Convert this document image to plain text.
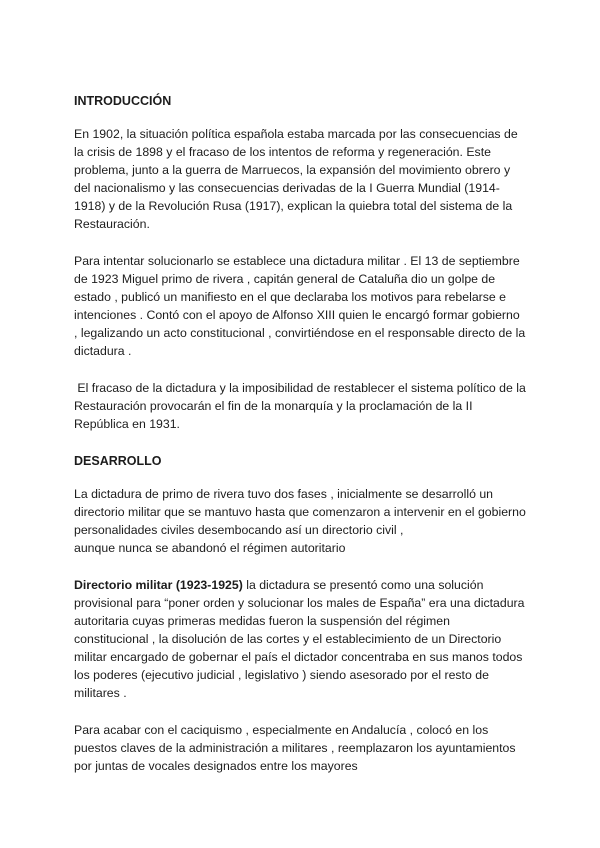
INTRODUCCIÓN

En 1902, la situación política española estaba marcada por las consecuencias de la crisis de 1898 y el fracaso de los intentos de reforma y regeneración. Este problema, junto a la guerra de Marruecos, la expansión del movimiento obrero y del nacionalismo y las consecuencias derivadas de la I Guerra Mundial (1914-1918) y de la Revolución Rusa (1917), explican la quiebra total del sistema de la Restauración.

Para intentar solucionarlo se establece una dictadura militar . El 13 de septiembre de 1923 Miguel primo de rivera , capitán general de Cataluña dio un golpe de estado , publicó un manifiesto en el que declaraba los motivos para rebelarse e intenciones . Contó con el apoyo de Alfonso XIII quien le encargó formar gobierno , legalizando un acto constitucional , convirtiéndose en el responsable directo de la dictadura .

El fracaso de la dictadura y la imposibilidad de restablecer el sistema político de la Restauración provocarán el fin de la monarquía y la proclamación de la II República en 1931.

DESARROLLO

La dictadura de primo de rivera tuvo dos fases , inicialmente se desarrolló un directorio militar que se mantuvo hasta que comenzaron a intervenir en el gobierno personalidades civiles desembocando así un directorio civil ,
aunque nunca se abandonó el régimen autoritario

Directorio militar (1923-1925) la dictadura se presentó como una solución provisional para “poner orden y solucionar los males de España” era una dictadura autoritaria cuyas primeras medidas fueron la suspensión del régimen constitucional , la disolución de las cortes y el establecimiento de un Directorio militar encargado de gobernar el país el dictador concentraba en sus manos todos los poderes (ejecutivo judicial , legislativo ) siendo asesorado por el resto de militares .

Para acabar con el caciquismo , especialmente en Andalucía , colocó en los puestos claves de la administración a militares , reemplazaron los ayuntamientos por juntas de vocales designados entre los mayores
